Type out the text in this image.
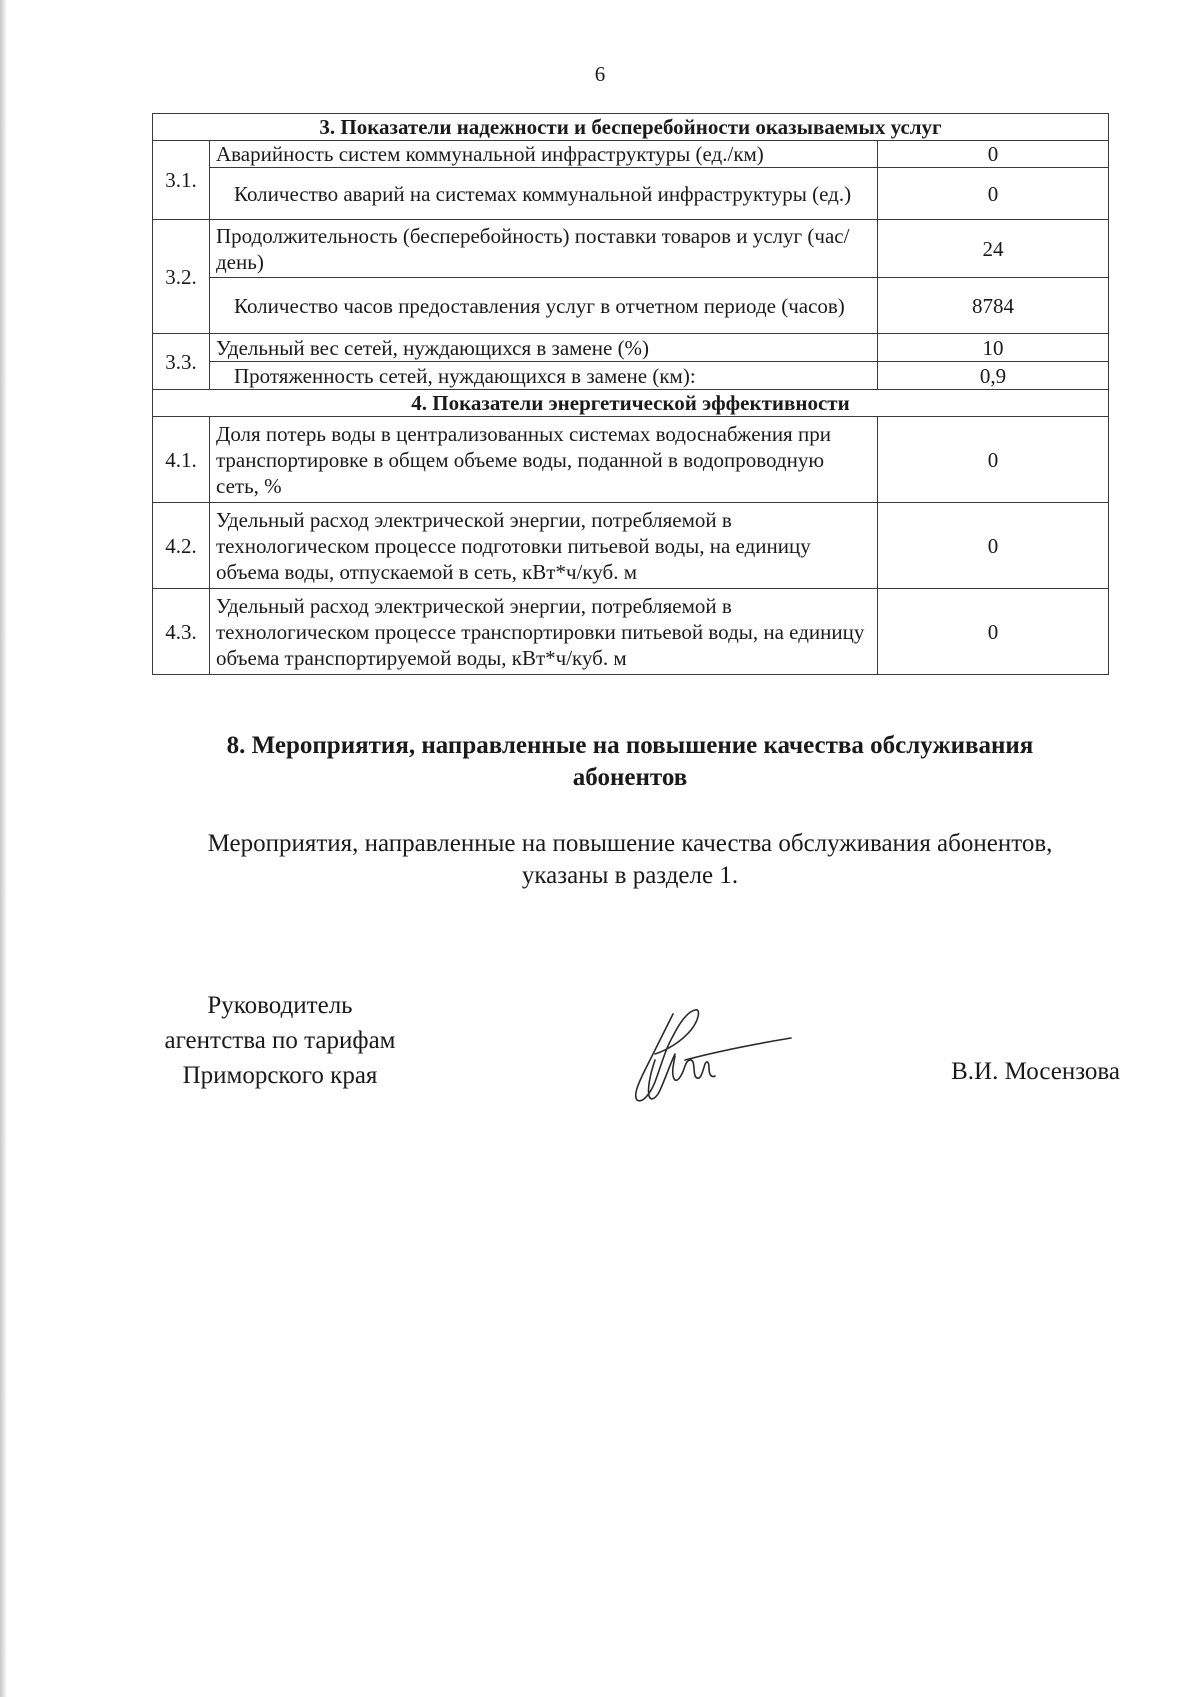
6
3. Показатели надежности и бесперебойности оказываемых услуг		
3.1.	Аварийность систем коммунальной инфраструктуры (ед./км)	0
	Количество аварий на системах коммунальной инфраструктуры (ед.)	0
3.2.	Продолжительность (бесперебойность) поставки товаров и услуг (час/день)	24
	Количество часов предоставления услуг в отчетном периоде (часов)	8784
3.3.	Удельный вес сетей, нуждающихся в замене (%)	10
	Протяженность сетей, нуждающихся в замене (км):	0,9
4. Показатели энергетической эффективности		
4.1.	Доля потерь воды в централизованных системах водоснабжения при транспортировке в общем объеме воды, поданной в водопроводную сеть, %	0
4.2.	Удельный расход электрической энергии, потребляемой в технологическом процессе подготовки питьевой воды, на единицу объема воды, отпускаемой в сеть, кВт*ч/куб. м	0
4.3.	Удельный расход электрической энергии, потребляемой в технологическом процессе транспортировки питьевой воды, на единицу объема транспортируемой воды, кВт*ч/куб. м	0
8. Мероприятия, направленные на повышение качества обслуживания
абонентов
Мероприятия, направленные на повышение качества обслуживания абонентов,
указаны в разделе 1.
Руководитель
агентства по тарифам
Приморского края	В.И. Мосензова
